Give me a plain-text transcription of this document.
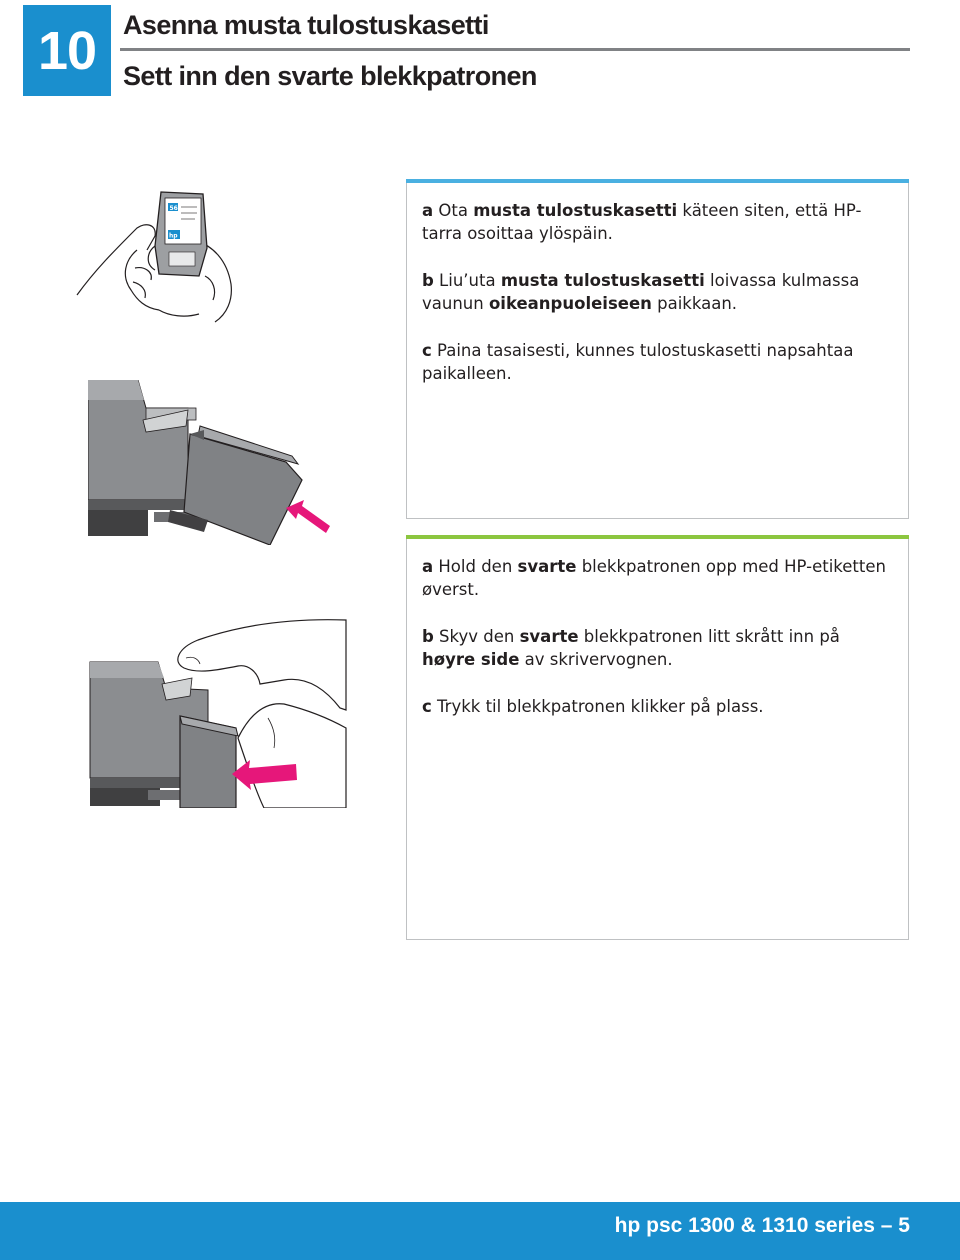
10 Asenna musta tulostuskasetti
Sett inn den svarte blekkpatronen
56
hp

a Ota musta tulostuskasetti käteen siten, että HP-tarra osoittaa ylöspäin.

b Liu’uta musta tulostuskasetti loivassa kulmassa vaunun oikeanpuoleiseen paikkaan.

c Paina tasaisesti, kunnes tulostuskasetti napsahtaa paikalleen.

a Hold den svarte blekkpatronen opp med HP-etiketten øverst.

b Skyv den svarte blekkpatronen litt skrått inn på høyre side av skrivervognen.

c Trykk til blekkpatronen klikker på plass.

hp psc 1300 & 1310 series – 5
